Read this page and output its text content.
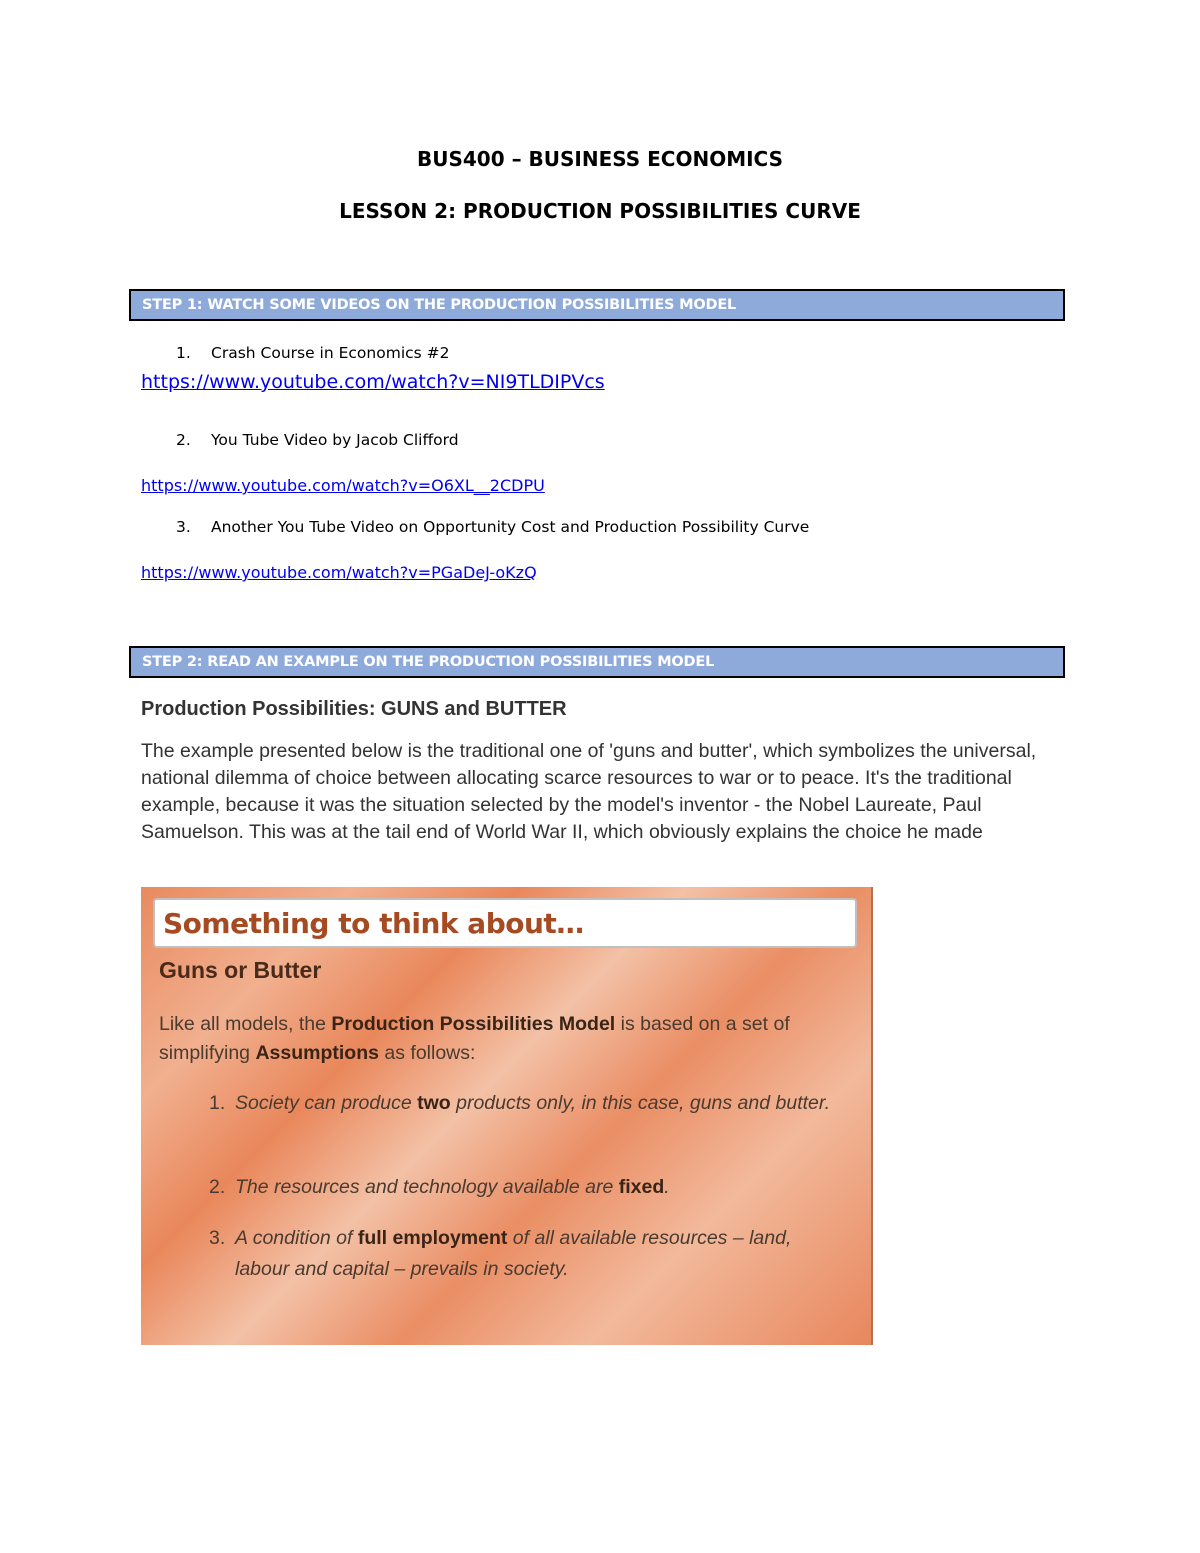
BUS400 – BUSINESS ECONOMICS
LESSON 2: PRODUCTION POSSIBILITIES CURVE
STEP 1: WATCH SOME VIDEOS ON THE PRODUCTION POSSIBILITIES MODEL
1. Crash Course in Economics #2
https://www.youtube.com/watch?v=NI9TLDIPVcs
2. You Tube Video by Jacob Clifford
https://www.youtube.com/watch?v=O6XL__2CDPU
3. Another You Tube Video on Opportunity Cost and Production Possibility Curve
https://www.youtube.com/watch?v=PGaDeJ-oKzQ
STEP 2: READ AN EXAMPLE ON THE PRODUCTION POSSIBILITIES MODEL
Production Possibilities: GUNS and BUTTER

The example presented below is the traditional one of 'guns and butter', which symbolizes the universal, national dilemma of choice between allocating scarce resources to war or to peace. It's the traditional example, because it was the situation selected by the model's inventor - the Nobel Laureate, Paul Samuelson. This was at the tail end of World War II, which obviously explains the choice he made

Something to think about…
Guns or Butter

Like all models, the Production Possibilities Model is based on a set of simplifying Assumptions as follows:

1. Society can produce two products only, in this case, guns and butter.

2. The resources and technology available are fixed.

3. A condition of full employment of all available resources – land, labour and capital – prevails in society.
